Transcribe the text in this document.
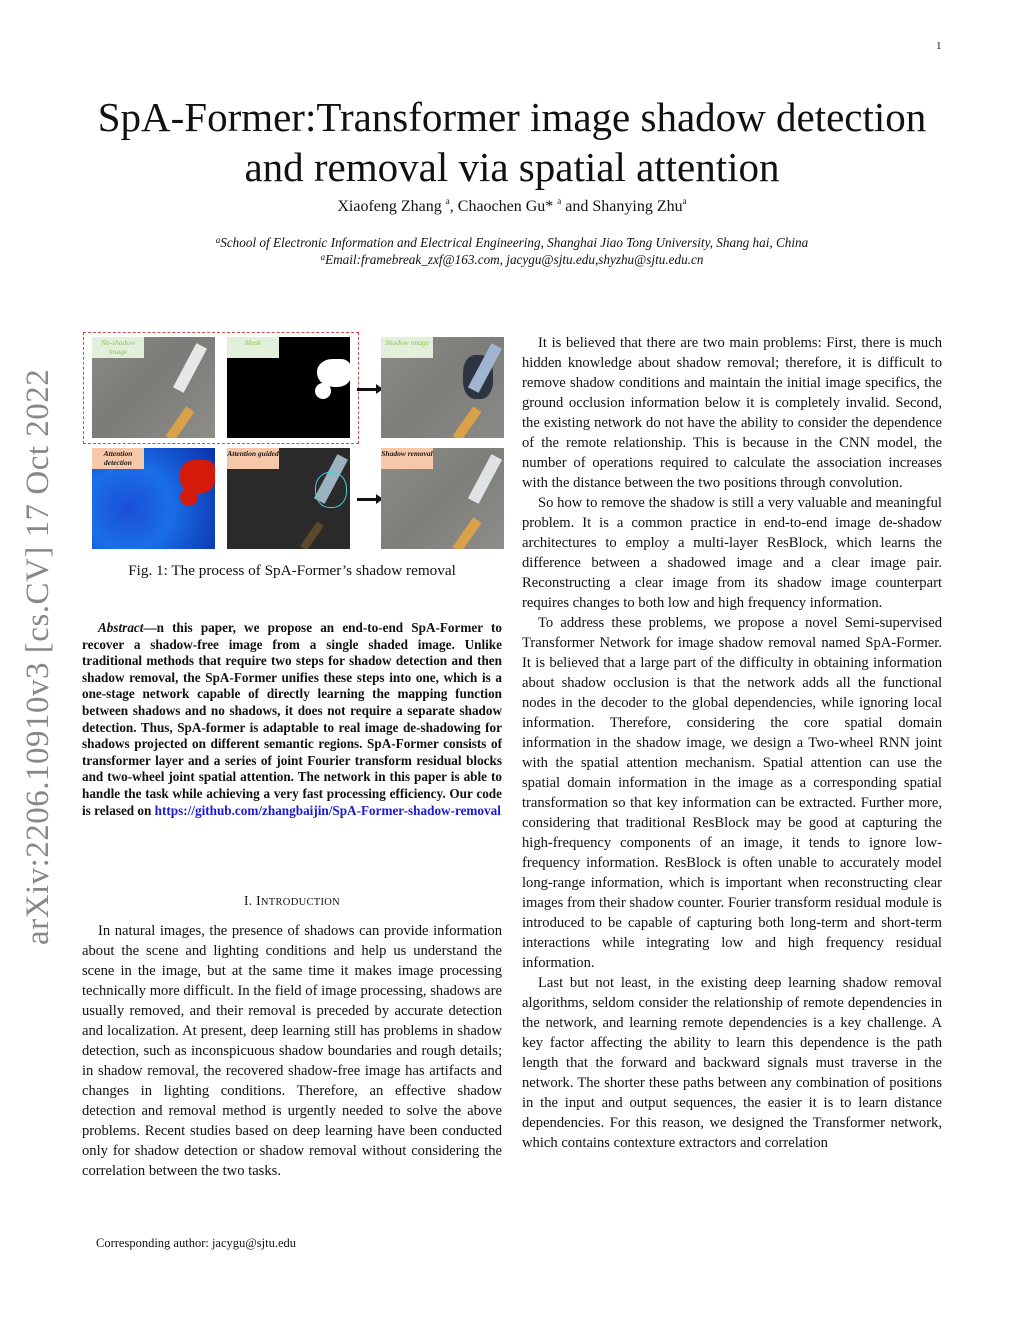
1
SpA-Former:Transformer image shadow detection
and removal via spatial attention
Xiaofeng Zhang $^a$, Chaochen Gu* $^a$ and Shanying Zhu$^a$
$^a$School of Electronic Information and Electrical Engineering, Shanghai Jiao Tong University, Shang hai, China
$^a$Email:framebreak_zxf@163.com, jacygu@sjtu.edu,shyzhu@sjtu.edu.cn
arXiv:2206.10910v3 [cs.CV] 17 Oct 2022
No-shadow image
Mask	Shadow image
Attention detection
Attention guided	Shadow removal
Fig. 1: The process of SpA-Former’s shadow removal

Abstract—n this paper, we propose an end-to-end SpA-Former to recover a shadow-free image from a single shaded image. Unlike traditional methods that require two steps for shadow detection and then shadow removal, the SpA-Former unifies these steps into one, which is a one-stage network capable of directly learning the mapping function between shadows and no shadows, it does not require a separate shadow detection. Thus, SpA-former is adaptable to real image de-shadowing for shadows projected on different semantic regions. SpA-Former consists of transformer layer and a series of joint Fourier transform residual blocks and two-wheel joint spatial attention. The network in this paper is able to handle the task while achieving a very fast processing efficiency. Our code is relased on https://github.com/zhangbaijin/SpA-Former-shadow-removal

I. INTRODUCTION

In natural images, the presence of shadows can provide information about the scene and lighting conditions and help us understand the scene in the image, but at the same time it makes image processing technically more difficult. In the field of image processing, shadows are usually removed, and their removal is preceded by accurate detection and localization. At present, deep learning still has problems in shadow detection, such as inconspicuous shadow boundaries and rough details; in shadow removal, the recovered shadow-free image has artifacts and changes in lighting conditions. Therefore, an effective shadow detection and removal method is urgently needed to solve the above problems. Recent studies based on deep learning have been conducted only for shadow detection or shadow removal without considering the correlation between the two tasks.

Corresponding author: jacygu@sjtu.edu

It is believed that there are two main problems: First, there is much hidden knowledge about shadow removal; therefore, it is difficult to remove shadow conditions and maintain the initial image specifics, the ground occlusion information below it is completely invalid. Second, the existing network do not have the ability to consider the dependence of the remote relationship. This is because in the CNN model, the number of operations required to calculate the association increases with the distance between the two positions through convolution.

So how to remove the shadow is still a very valuable and meaningful problem. It is a common practice in end-to-end image de-shadow architectures to employ a multi-layer ResBlock, which learns the difference between a shadowed image and a clear image pair. Reconstructing a clear image from its shadow image counterpart requires changes to both low and high frequency information.

To address these problems, we propose a novel Semi-supervised Transformer Network for image shadow removal named SpA-Former. It is believed that a large part of the difficulty in obtaining information about shadow occlusion is that the network adds all the functional nodes in the decoder to the global dependencies, while ignoring local information. Therefore, considering the core spatial domain information in the shadow image, we design a Two-wheel RNN joint with the spatial attention mechanism. Spatial attention can use the spatial domain information in the image as a corresponding spatial transformation so that key information can be extracted. Further more, considering that traditional ResBlock may be good at capturing the high-frequency components of an image, it tends to ignore low-frequency information. ResBlock is often unable to accurately model long-range information, which is important when reconstructing clear images from their shadow counter. Fourier transform residual module is introduced to be capable of capturing both long-term and short-term interactions while integrating low and high frequency residual information.

Last but not least, in the existing deep learning shadow removal algorithms, seldom consider the relationship of remote dependencies in the network, and learning remote dependencies is a key challenge. A key factor affecting the ability to learn this dependence is the path length that the forward and backward signals must traverse in the network. The shorter these paths between any combination of positions in the input and output sequences, the easier it is to learn distance dependencies. For this reason, we designed the Transformer network, which contains contexture extractors and correlation
